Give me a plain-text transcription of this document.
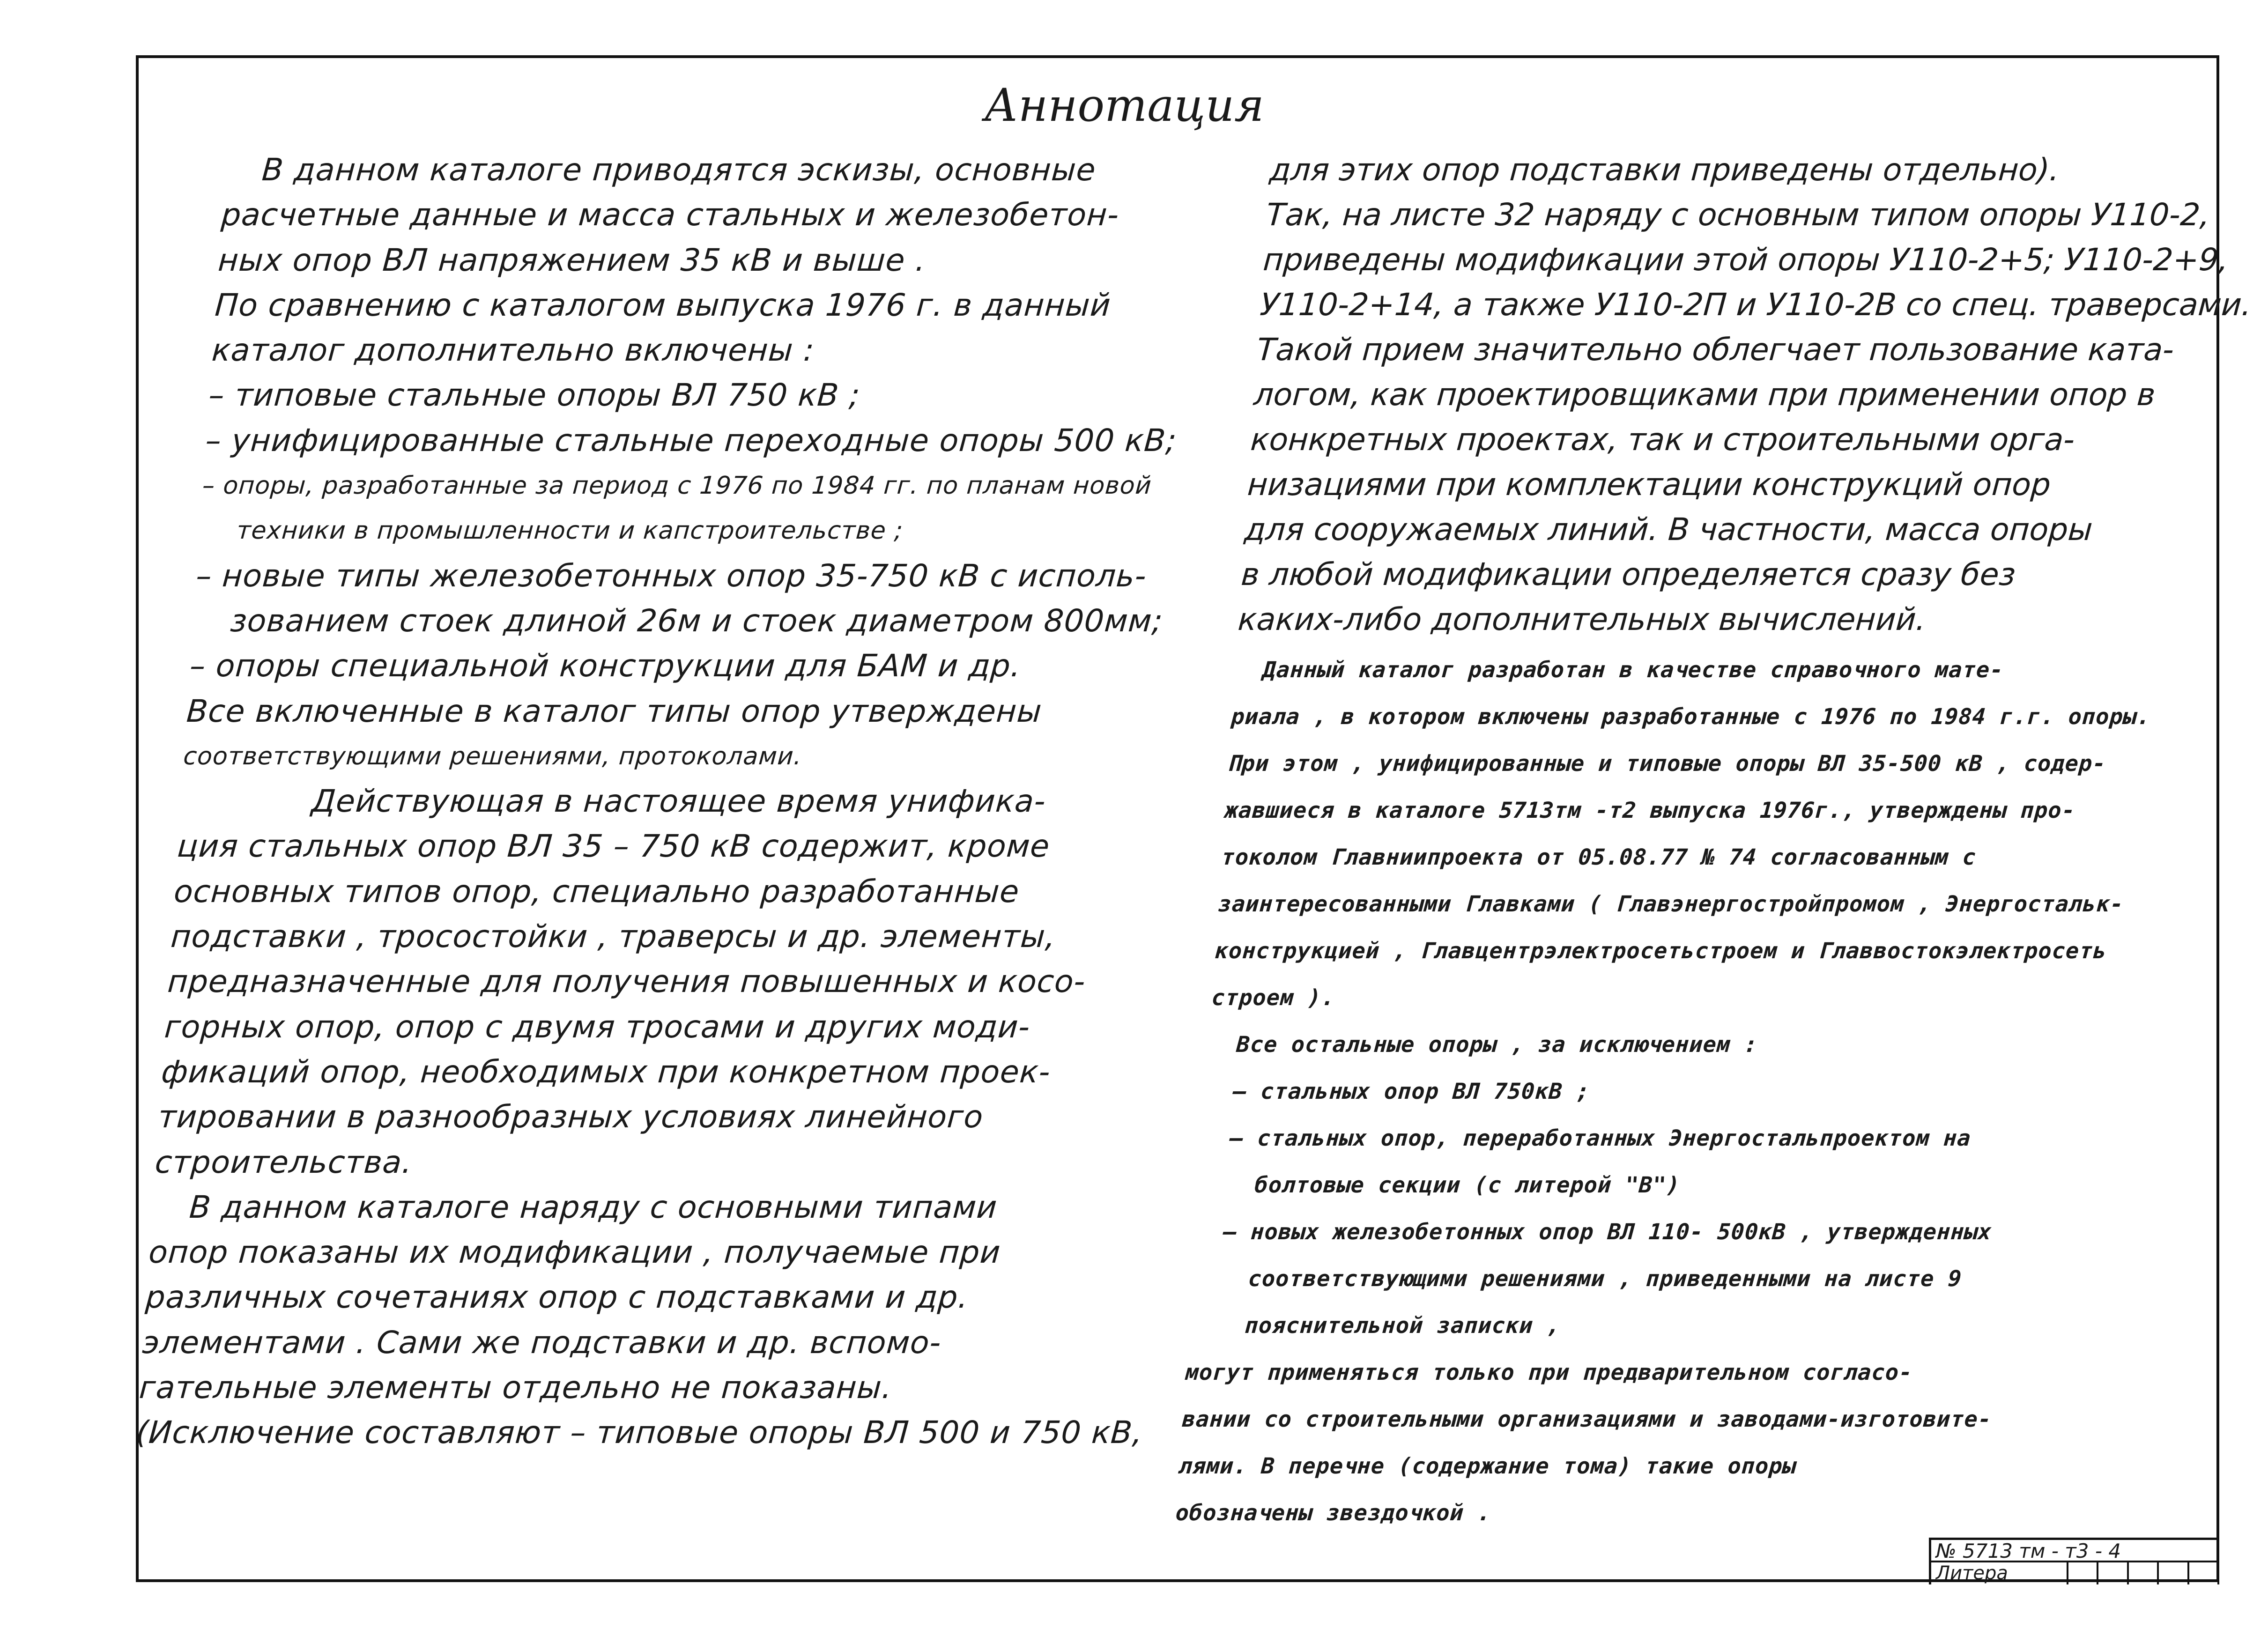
Аннотация
В данном каталоге приводятся эскизы, основные
расчетные данные и масса стальных и железобетон-
ных опор ВЛ напряжением 35 кВ и выше .
По сравнению с каталогом выпуска 1976 г. в данный
каталог дополнительно включены :
– типовые стальные опоры ВЛ 750 кВ ;
– унифицированные стальные переходные опоры 500 кВ;
– опоры, разработанные за период с 1976 по 1984 гг. по планам новой
техники в промышленности и капстроительстве ;
– новые типы железобетонных опор 35-750 кВ с исполь-
зованием стоек длиной 26м и стоек диаметром 800мм;
– опоры специальной конструкции для БАМ и др.
Все включенные в каталог типы опор утверждены
соответствующими решениями, протоколами.
Действующая в настоящее время унифика-
ция стальных опор ВЛ 35 – 750 кВ содержит, кроме
основных типов опор, специально разработанные
подставки , тросостойки , траверсы и др. элементы,
предназначенные для получения повышенных и косо-
горных опор, опор с двумя тросами и других моди-
фикаций опор, необходимых при конкретном проек-
тировании в разнообразных условиях линейного
строительства.
В данном каталоге наряду с основными типами
опор показаны их модификации , получаемые при
различных сочетаниях опор с подставками и др.
элементами . Сами же подставки и др. вспомо-
гательные элементы отдельно не показаны.
(Исключение составляют – типовые опоры ВЛ 500 и 750 кВ,
для этих опор подставки приведены отдельно).
Так, на листе 32 наряду с основным типом опоры У110-2,
приведены модификации этой опоры У110-2+5; У110-2+9,
У110-2+14, а также У110-2П и У110-2В со спец. траверсами.
Такой прием значительно облегчает пользование ката-
логом, как проектировщиками при применении опор в
конкретных проектах, так и строительными орга-
низациями при комплектации конструкций опор
для сооружаемых линий. В частности, масса опоры
в любой модификации определяется сразу без
каких-либо дополнительных вычислений.
Данный каталог разработан в качестве справочного мате-
риала , в котором включены разработанные с 1976 по 1984 г.г. опоры.
При этом , унифицированные и типовые опоры ВЛ 35-500 кВ , содер-
жавшиеся в каталоге 5713тм -т2 выпуска 1976г., утверждены про-
токолом Главниипроекта от 05.08.77 № 74 согласованным с
заинтересованными Главками ( Главэнергостройпромом , Энергостальк-
конструкцией , Главцентрэлектросетьстроем и Главвостокэлектросеть
строем ).
Все остальные опоры , за исключением :
– стальных опор ВЛ 750кВ ;
– стальных опор, переработанных Энергостальпроектом на
болтовые секции (с литерой "В")
– новых железобетонных опор ВЛ 110- 500кВ , утвержденных
соответствующими решениями , приведенными на листе 9
пояснительной записки ,
могут применяться только при предварительном согласо-
вании со строительными организациями и заводами-изготовите-
лями. В перечне (содержание тома) такие опоры
обозначены звездочкой .
№ 5713 тм - т3 - 4
Литера
